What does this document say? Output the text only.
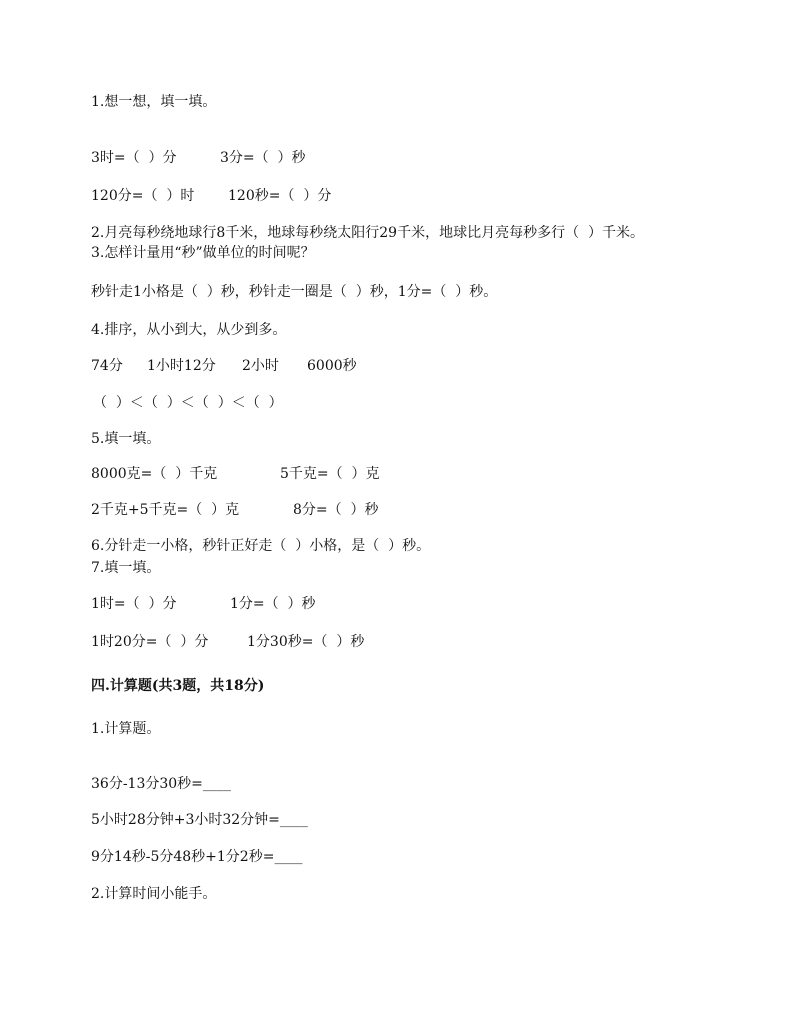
1.想一想，填一填。
3时=（  ）分	3分=（  ）秒
120分=（  ）时 120秒=（  ）分
2.月亮每秒绕地球行8千米，地球每秒绕太阳行29千米，地球比月亮每秒多行（  ）千米。
3.怎样计量用“秒”做单位的时间呢？
秒针走1小格是（  ）秒，秒针走一圈是（  ）秒，1分=（  ）秒。
4.排序，从小到大，从少到多。
74分 1小时12分 2小时 6000秒
（  ）＜（  ）＜（  ）＜（  ）
5.填一填。
8000克=（  ）千克	5千克=（  ）克
2千克+5千克=（  ）克	8分=（  ）秒
6.分针走一小格，秒针正好走（  ）小格，是（  ）秒。
7.填一填。
1时=（  ）分	1分=（  ）秒
1时20分=（  ）分	1分30秒=（  ）秒
四.计算题(共3题，共18分)
1.计算题。
36分-13分30秒=____
5小时28分钟+3小时32分钟=____
9分14秒-5分48秒+1分2秒=____
2.计算时间小能手。
